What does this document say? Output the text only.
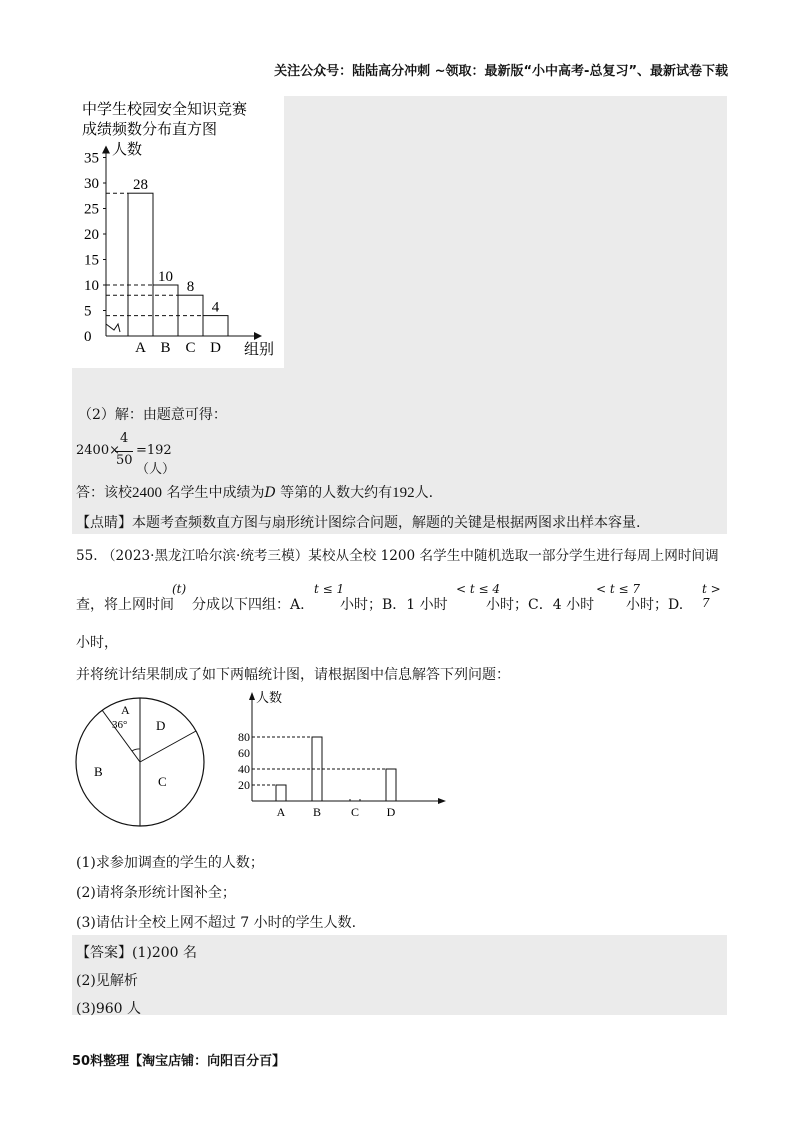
关注公众号：陆陆高分冲刺 ~领取：最新版“小中高考-总复习”、最新试卷下载
中学生校园安全知识竞赛
成绩频数分布直方图
人数
组别
0
5
10
15
20
25
30
35
28
A
10
B
8
C
4
D
（2）解：由题意可得：
2400×
4
50
=192（人）
答：该校2400 名学生中成绩为D 等第的人数大约有192人.
【点睛】本题考查频数直方图与扇形统计图综合问题，解题的关键是根据两图求出样本容量.
55. （2023·黑龙江哈尔滨·统考三模）某校从全校 1200 名学生中随机选取一部分学生进行每周上网时间调
查，将上网时间
(t)
分成以下四组：A.
t ≤ 1
小时；B．1 小时
< t ≤ 4
小时；C．4 小时
< t ≤ 7
小时；D.
t > 7
小时，
并将统计结果制成了如下两幅统计图，请根据图中信息解答下列问题：
A
36° D
B
C
人数
20
40
60
80
A B C D
(1)求参加调查的学生的人数；
(2)请将条形统计图补全；
(3)请估计全校上网不超过 7 小时的学生人数.
【答案】(1)200 名
(2)见解析
(3)960 人
50料整理【淘宝店铺：向阳百分百】
